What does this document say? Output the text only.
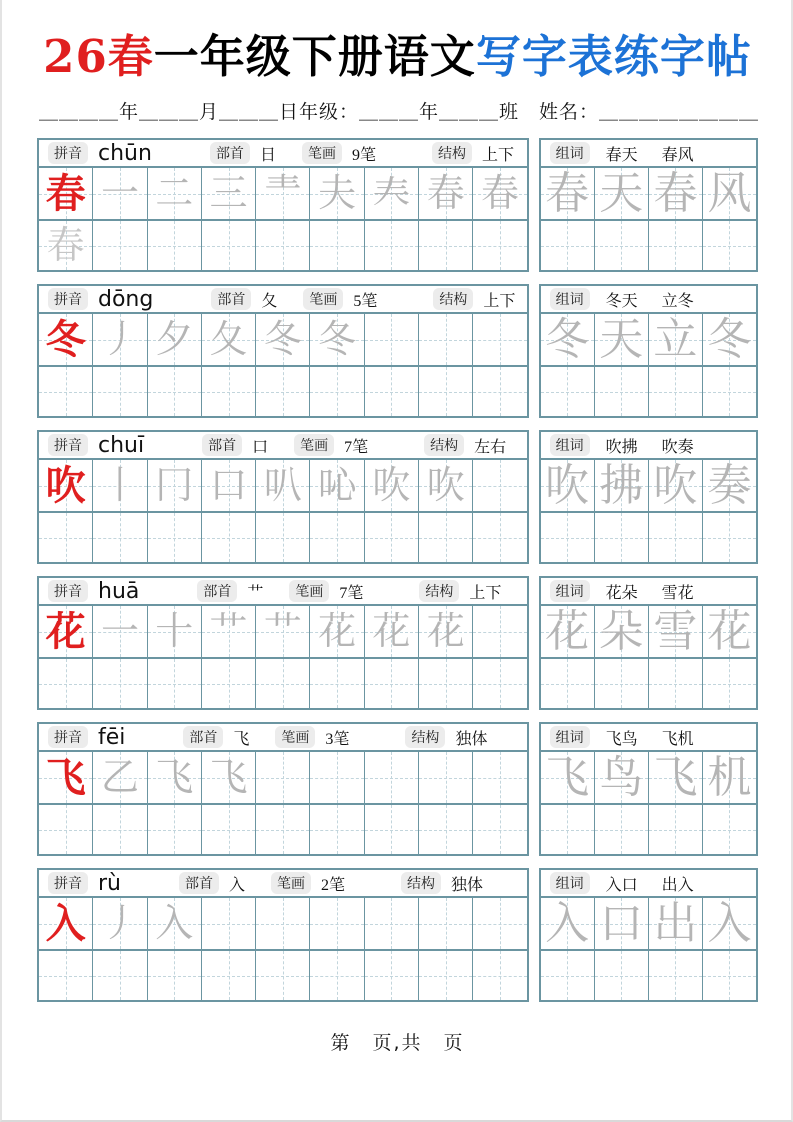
26春一年级下册语文写字表练字帖
＿＿＿＿年＿＿＿月＿＿＿日 年级：＿＿＿年＿＿＿班　姓名：＿＿＿＿＿＿＿＿
拼音 chūn	部首	日	笔画	9笔	结构	上下
春 一 二 三 龶 夫 𡗗 春 春
春
组词	春天 春风
春 天 春 风
拼音 dōng	部首	夂	笔画	5笔	结构	上下
冬 丿 夕 夂 冬 冬
组词	冬天 立冬
冬 天 立 冬
拼音 chuī	部首	口	笔画	7笔	结构	左右
吹 丨 冂 口 叭 吣 吹 吹
组词	吹拂 吹奏
吹 拂 吹 奏
拼音 huā	部首	艹	笔画	7笔	结构	上下
花 一 十 艹 艹 花 花 花
组词	花朵 雪花
花 朵 雪 花
拼音 fēi	部首	飞	笔画	3笔	结构	独体
飞 乙 飞 飞
组词	飞鸟 飞机
飞 鸟 飞 机
拼音 rù	部首	入	笔画	2笔	结构	独体
入 丿 入
组词	入口 出入
入 口 出 入
第　页,共　页
